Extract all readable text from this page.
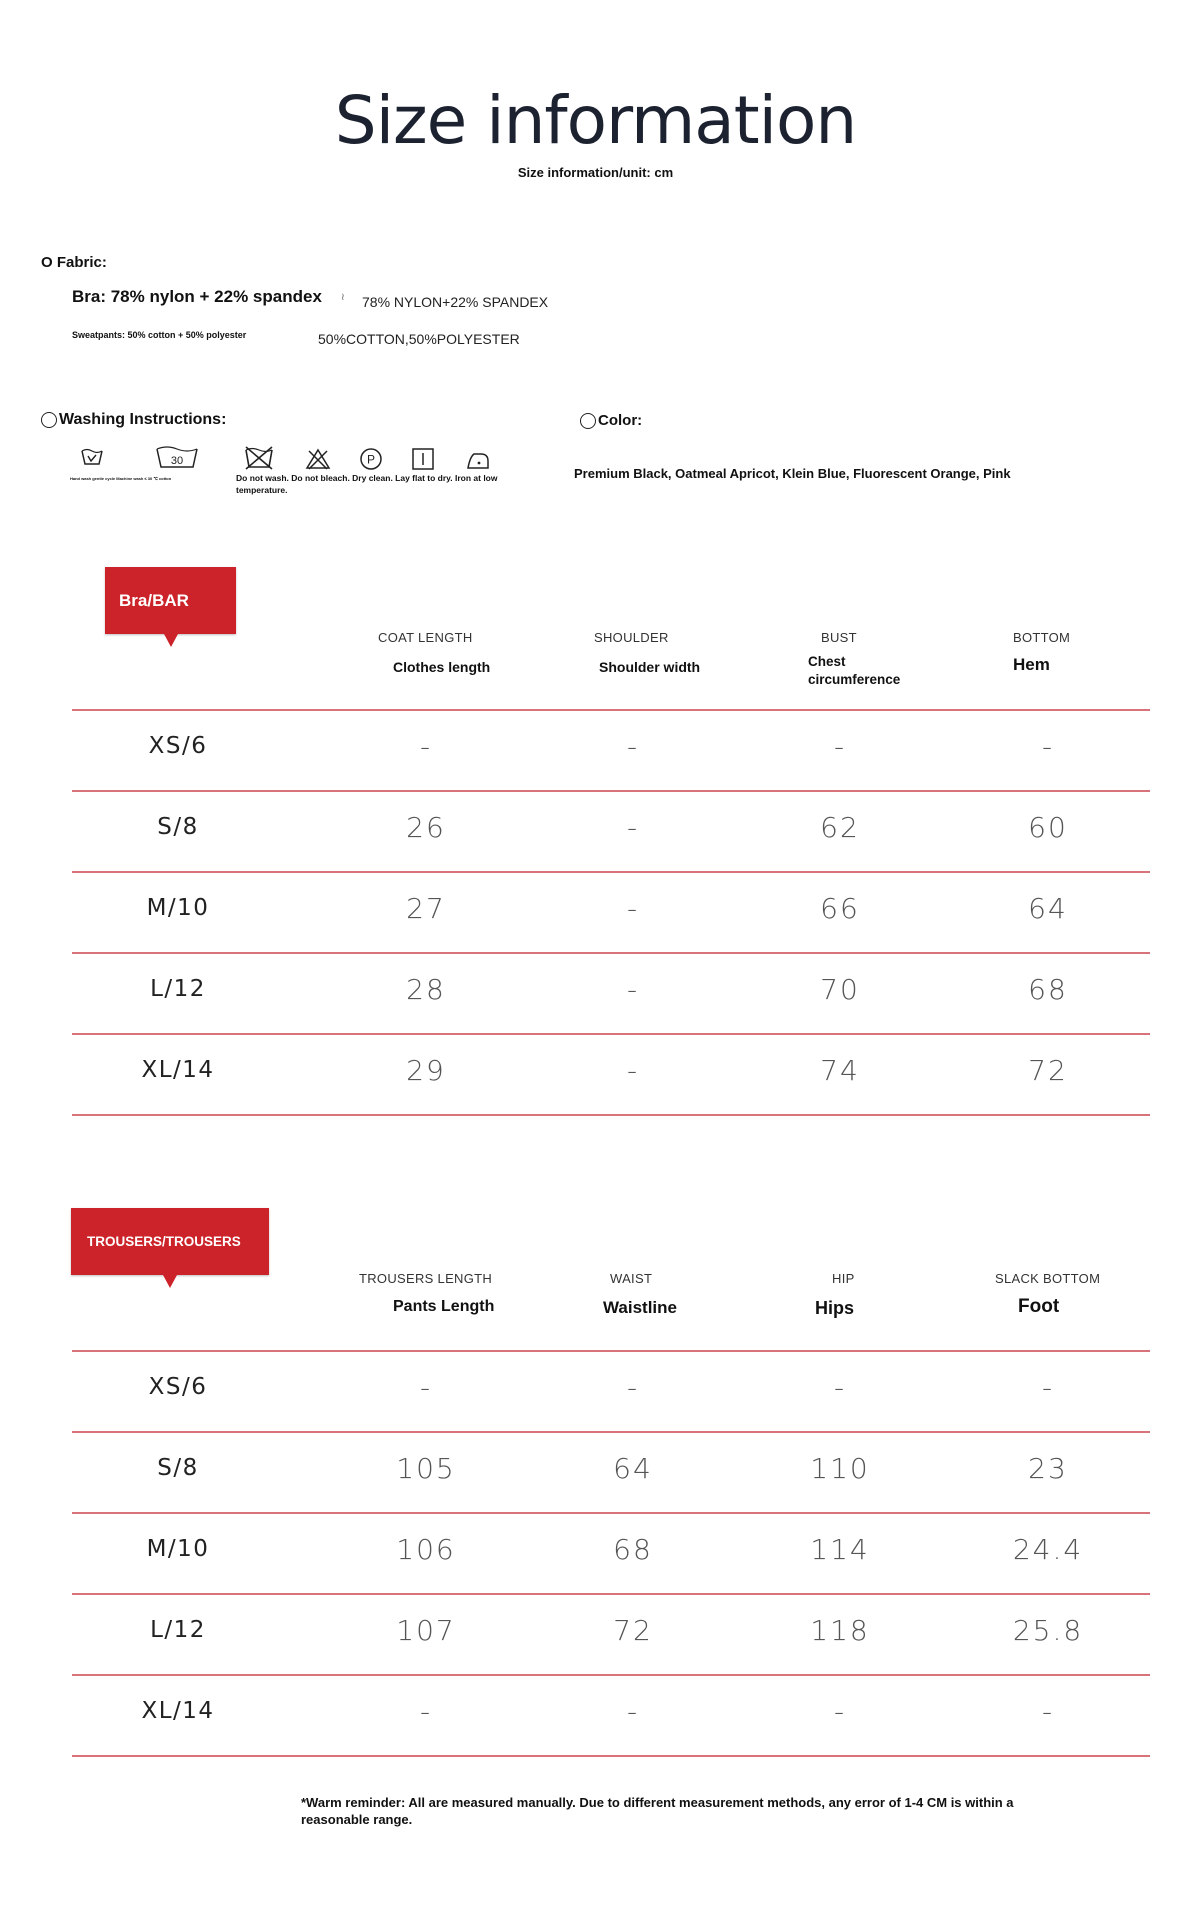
Size information
Size information/unit: cm
O Fabric:
Bra: 78% nylon + 22% spandex ≀ 78% NYLON+22% SPANDEX
Sweatpants: 50% cotton + 50% polyester	50%COTTON,50%POLYESTER
Washing Instructions:	Color:
Premium Black, Oatmeal Apricot, Klein Blue, Fluorescent Orange, Pink
30	P
Hand wash gentle cycle Machine wash ≤ 30 ℃ cotton	Do not wash. Do not bleach. Dry clean. Lay flat to dry. Iron at low temperature.
Bra/BAR
COAT LENGTH
Clothes length
SHOULDER
Shoulder width
BUST
Chest circumference
BOTTOM
Hem
XS/6	-	-	-	-
S/8	26	-	62	60
M/10	27	-	66	64
L/12	28	-	70	68
XL/14	29	-	74	72
TROUSERS/TROUSERS
TROUSERS LENGTH
Pants Length
WAIST
Waistline
HIP
Hips
SLACK BOTTOM
Foot
XS/6	-	-	-	-
S/8	105	64	110	23
M/10	106	68	114	24.4
L/12	107	72	118	25.8
XL/14	-	-	-	-
*Warm reminder: All are measured manually. Due to different measurement methods, any error of 1-4 CM is within a reasonable range.
